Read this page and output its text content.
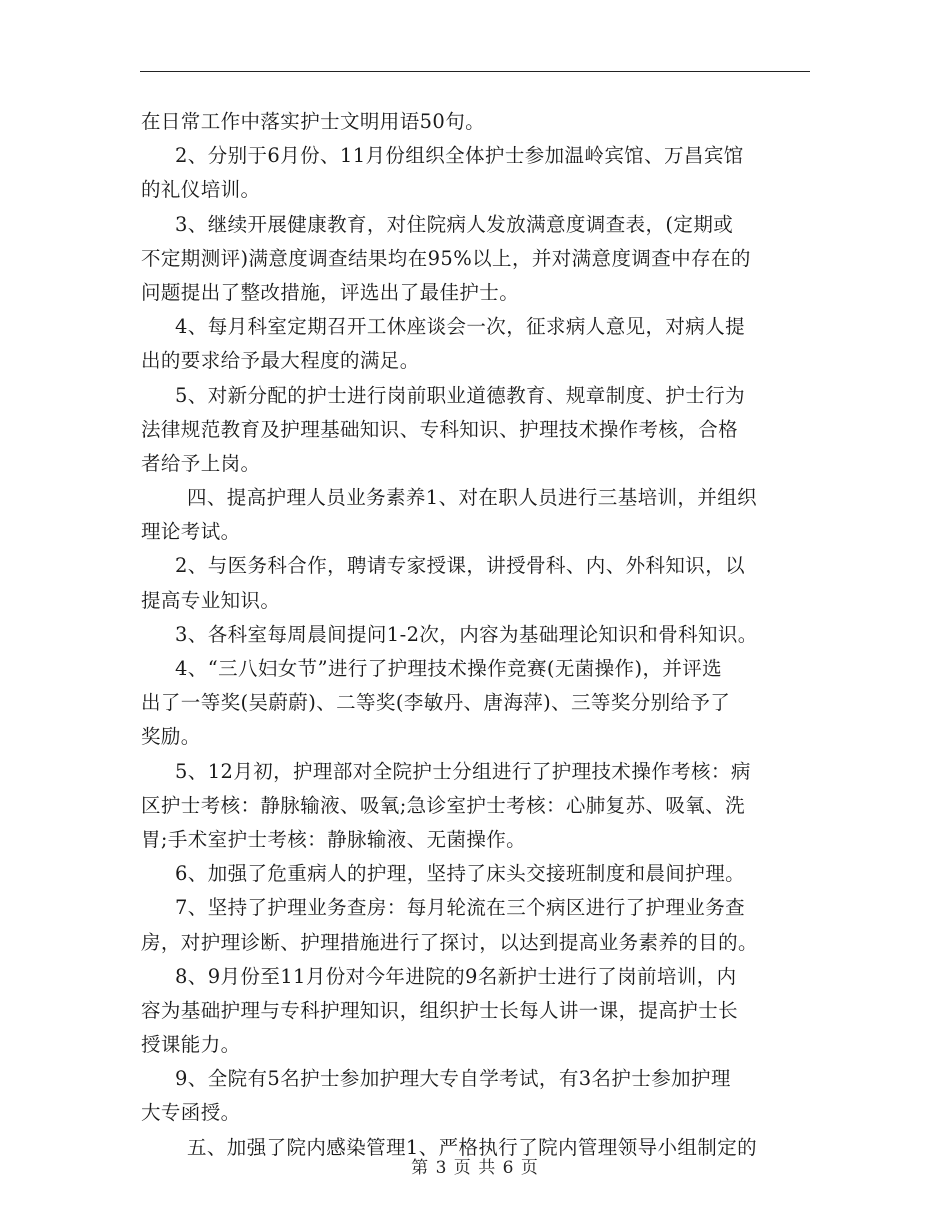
在日常工作中落实护士文明用语50句。
2、分别于6月份、11月份组织全体护士参加温岭宾馆、万昌宾馆
的礼仪培训。
3、继续开展健康教育，对住院病人发放满意度调查表，(定期或
不定期测评)满意度调查结果均在95%以上，并对满意度调查中存在的
问题提出了整改措施，评选出了最佳护士。
4、每月科室定期召开工休座谈会一次，征求病人意见，对病人提
出的要求给予最大程度的满足。
5、对新分配的护士进行岗前职业道德教育、规章制度、护士行为
法律规范教育及护理基础知识、专科知识、护理技术操作考核，合格
者给予上岗。
四、提高护理人员业务素养1、对在职人员进行三基培训，并组织
理论考试。
2、与医务科合作，聘请专家授课，讲授骨科、内、外科知识，以
提高专业知识。
3、各科室每周晨间提问1-2次，内容为基础理论知识和骨科知识。
4、“三八妇女节”进行了护理技术操作竞赛(无菌操作)，并评选
出了一等奖(吴蔚蔚)、二等奖(李敏丹、唐海萍)、三等奖分别给予了
奖励。
5、12月初，护理部对全院护士分组进行了护理技术操作考核：病
区护士考核：静脉输液、吸氧;急诊室护士考核：心肺复苏、吸氧、洗
胃;手术室护士考核：静脉输液、无菌操作。
6、加强了危重病人的护理，坚持了床头交接班制度和晨间护理。
7、坚持了护理业务查房：每月轮流在三个病区进行了护理业务查
房，对护理诊断、护理措施进行了探讨，以达到提高业务素养的目的。
8、9月份至11月份对今年进院的9名新护士进行了岗前培训，内
容为基础护理与专科护理知识，组织护士长每人讲一课，提高护士长
授课能力。
9、全院有5名护士参加护理大专自学考试，有3名护士参加护理
大专函授。
五、加强了院内感染管理1、严格执行了院内管理领导小组制定的
第 3 页 共 6 页
